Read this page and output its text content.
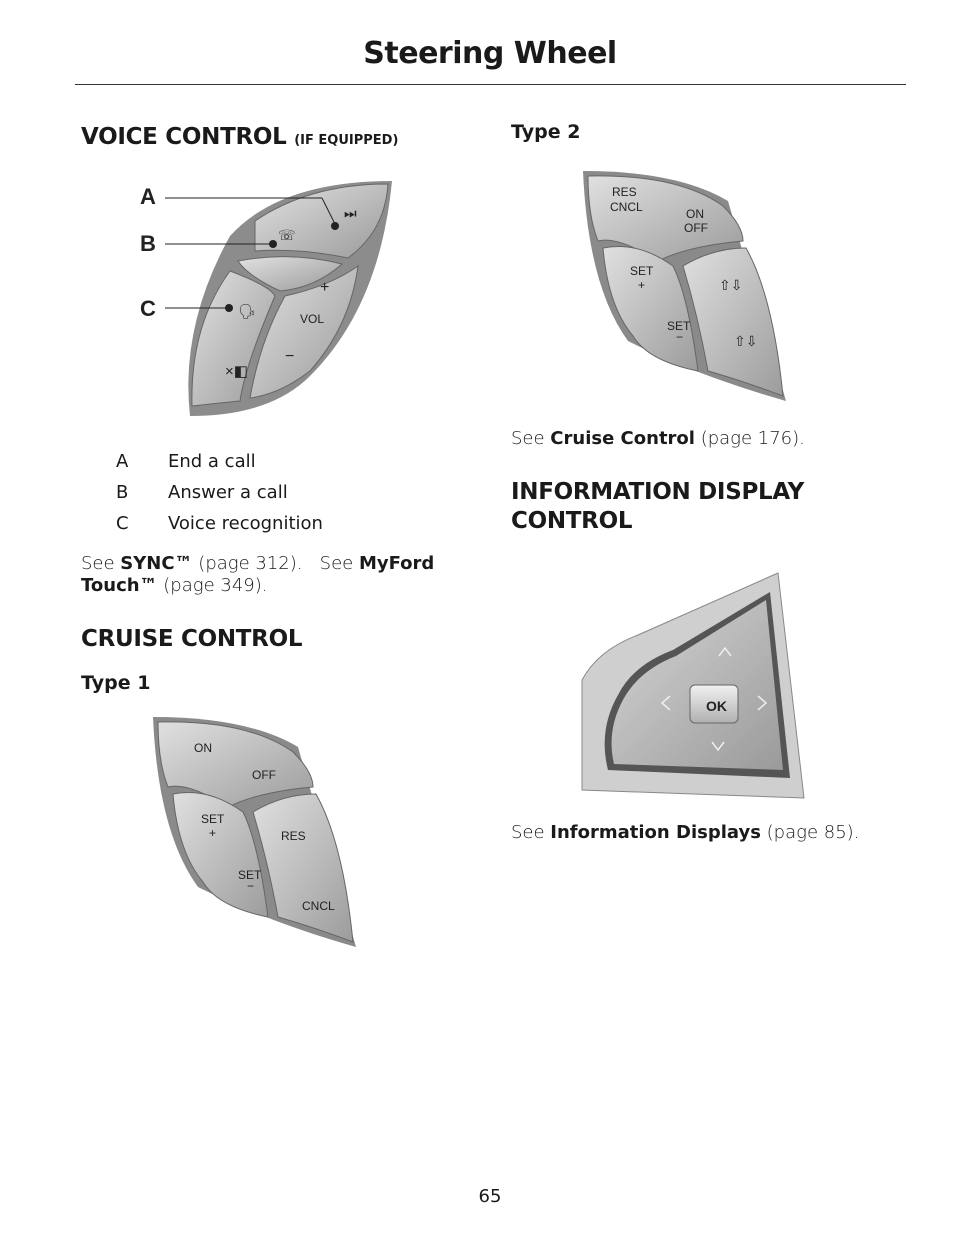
Steering Wheel
VOICE CONTROL (IF EQUIPPED)
A
B
C
⏭
☏
🗣
×◧
+
VOL
−
A End a call
B Answer a call
C Voice recognition
See SYNC™ (page 312). See MyFord
Touch™ (page 349).
CRUISE CONTROL
Type 1
ON
OFF
SET
+	RES
SET
−
CNCL
Type 2
RES
CNCL	ON
OFF
SET
+
SET
−
⇧⇩
⇧⇩
See Cruise Control (page 176).
INFORMATION DISPLAY
CONTROL
OK
See Information Displays (page 85).
65
